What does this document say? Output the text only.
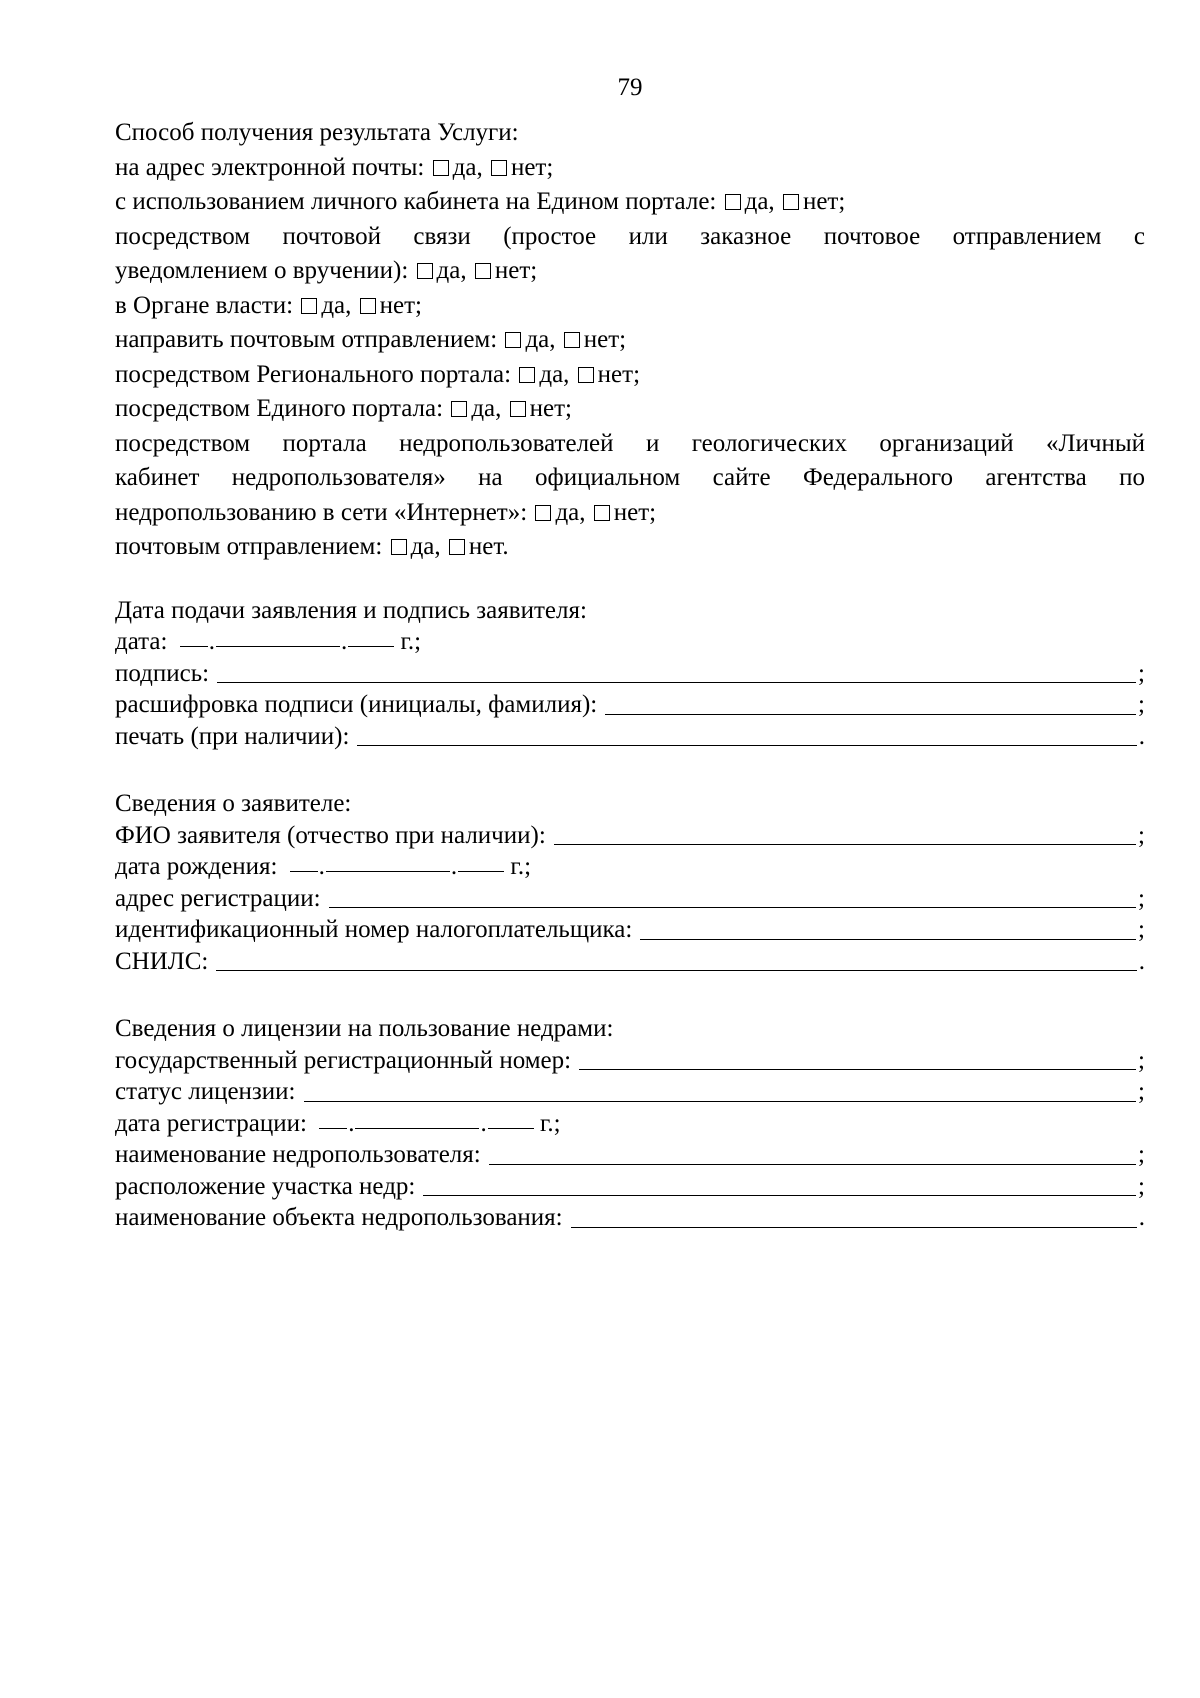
79
Способ получения результата Услуги:
на адрес электронной почты: да, нет;
с использованием личного кабинета на Едином портале: да, нет;
посредством почтовой связи (простое или заказное почтовое отправлением с
уведомлением о вручении): да, нет;
в Органе власти: да, нет;
направить почтовым отправлением: да, нет;
посредством Регионального портала: да, нет;
посредством Единого портала: да, нет;
посредством портала недропользователей и геологических организаций «Личный
кабинет недропользователя» на официальном сайте Федерального агентства по
недропользованию в сети «Интернет»: да, нет;
почтовым отправлением: да, нет.
Дата подачи заявления и подпись заявителя:
дата: .	. г.;
подпись:	;
расшифровка подписи (инициалы, фамилия):	;
печать (при наличии):	.
Сведения о заявителе:
ФИО заявителя (отчество при наличии):	;
дата рождения: .	. г.;
адрес регистрации:	;
идентификационный номер налогоплательщика:	;
СНИЛС:	.
Сведения о лицензии на пользование недрами:
государственный регистрационный номер:	;
статус лицензии:	;
дата регистрации: .	. г.;
наименование недропользователя:	;
расположение участка недр:	;
наименование объекта недропользования:	.
